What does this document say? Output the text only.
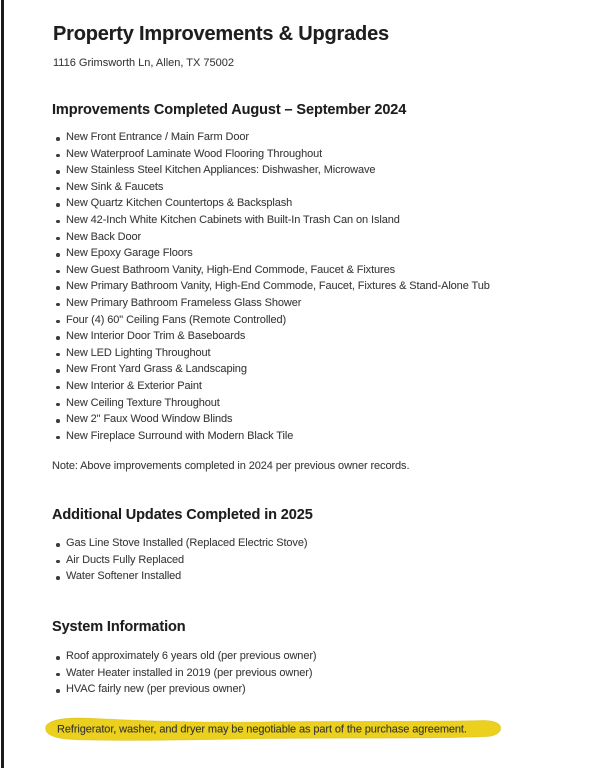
Property Improvements & Upgrades
1116 Grimsworth Ln, Allen, TX 75002
Improvements Completed August – September 2024
New Front Entrance / Main Farm Door
New Waterproof Laminate Wood Flooring Throughout
New Stainless Steel Kitchen Appliances: Dishwasher, Microwave
New Sink & Faucets
New Quartz Kitchen Countertops & Backsplash
New 42-Inch White Kitchen Cabinets with Built-In Trash Can on Island
New Back Door
New Epoxy Garage Floors
New Guest Bathroom Vanity, High-End Commode, Faucet & Fixtures
New Primary Bathroom Vanity, High-End Commode, Faucet, Fixtures & Stand-Alone Tub
New Primary Bathroom Frameless Glass Shower
Four (4) 60" Ceiling Fans (Remote Controlled)
New Interior Door Trim & Baseboards
New LED Lighting Throughout
New Front Yard Grass & Landscaping
New Interior & Exterior Paint
New Ceiling Texture Throughout
New 2" Faux Wood Window Blinds
New Fireplace Surround with Modern Black Tile

Note: Above improvements completed in 2024 per previous owner records.

Additional Updates Completed in 2025
Gas Line Stove Installed (Replaced Electric Stove)
Air Ducts Fully Replaced
Water Softener Installed
System Information
Roof approximately 6 years old (per previous owner)
Water Heater installed in 2019 (per previous owner)
HVAC fairly new (per previous owner)
Refrigerator, washer, and dryer may be negotiable as part of the purchase agreement.
